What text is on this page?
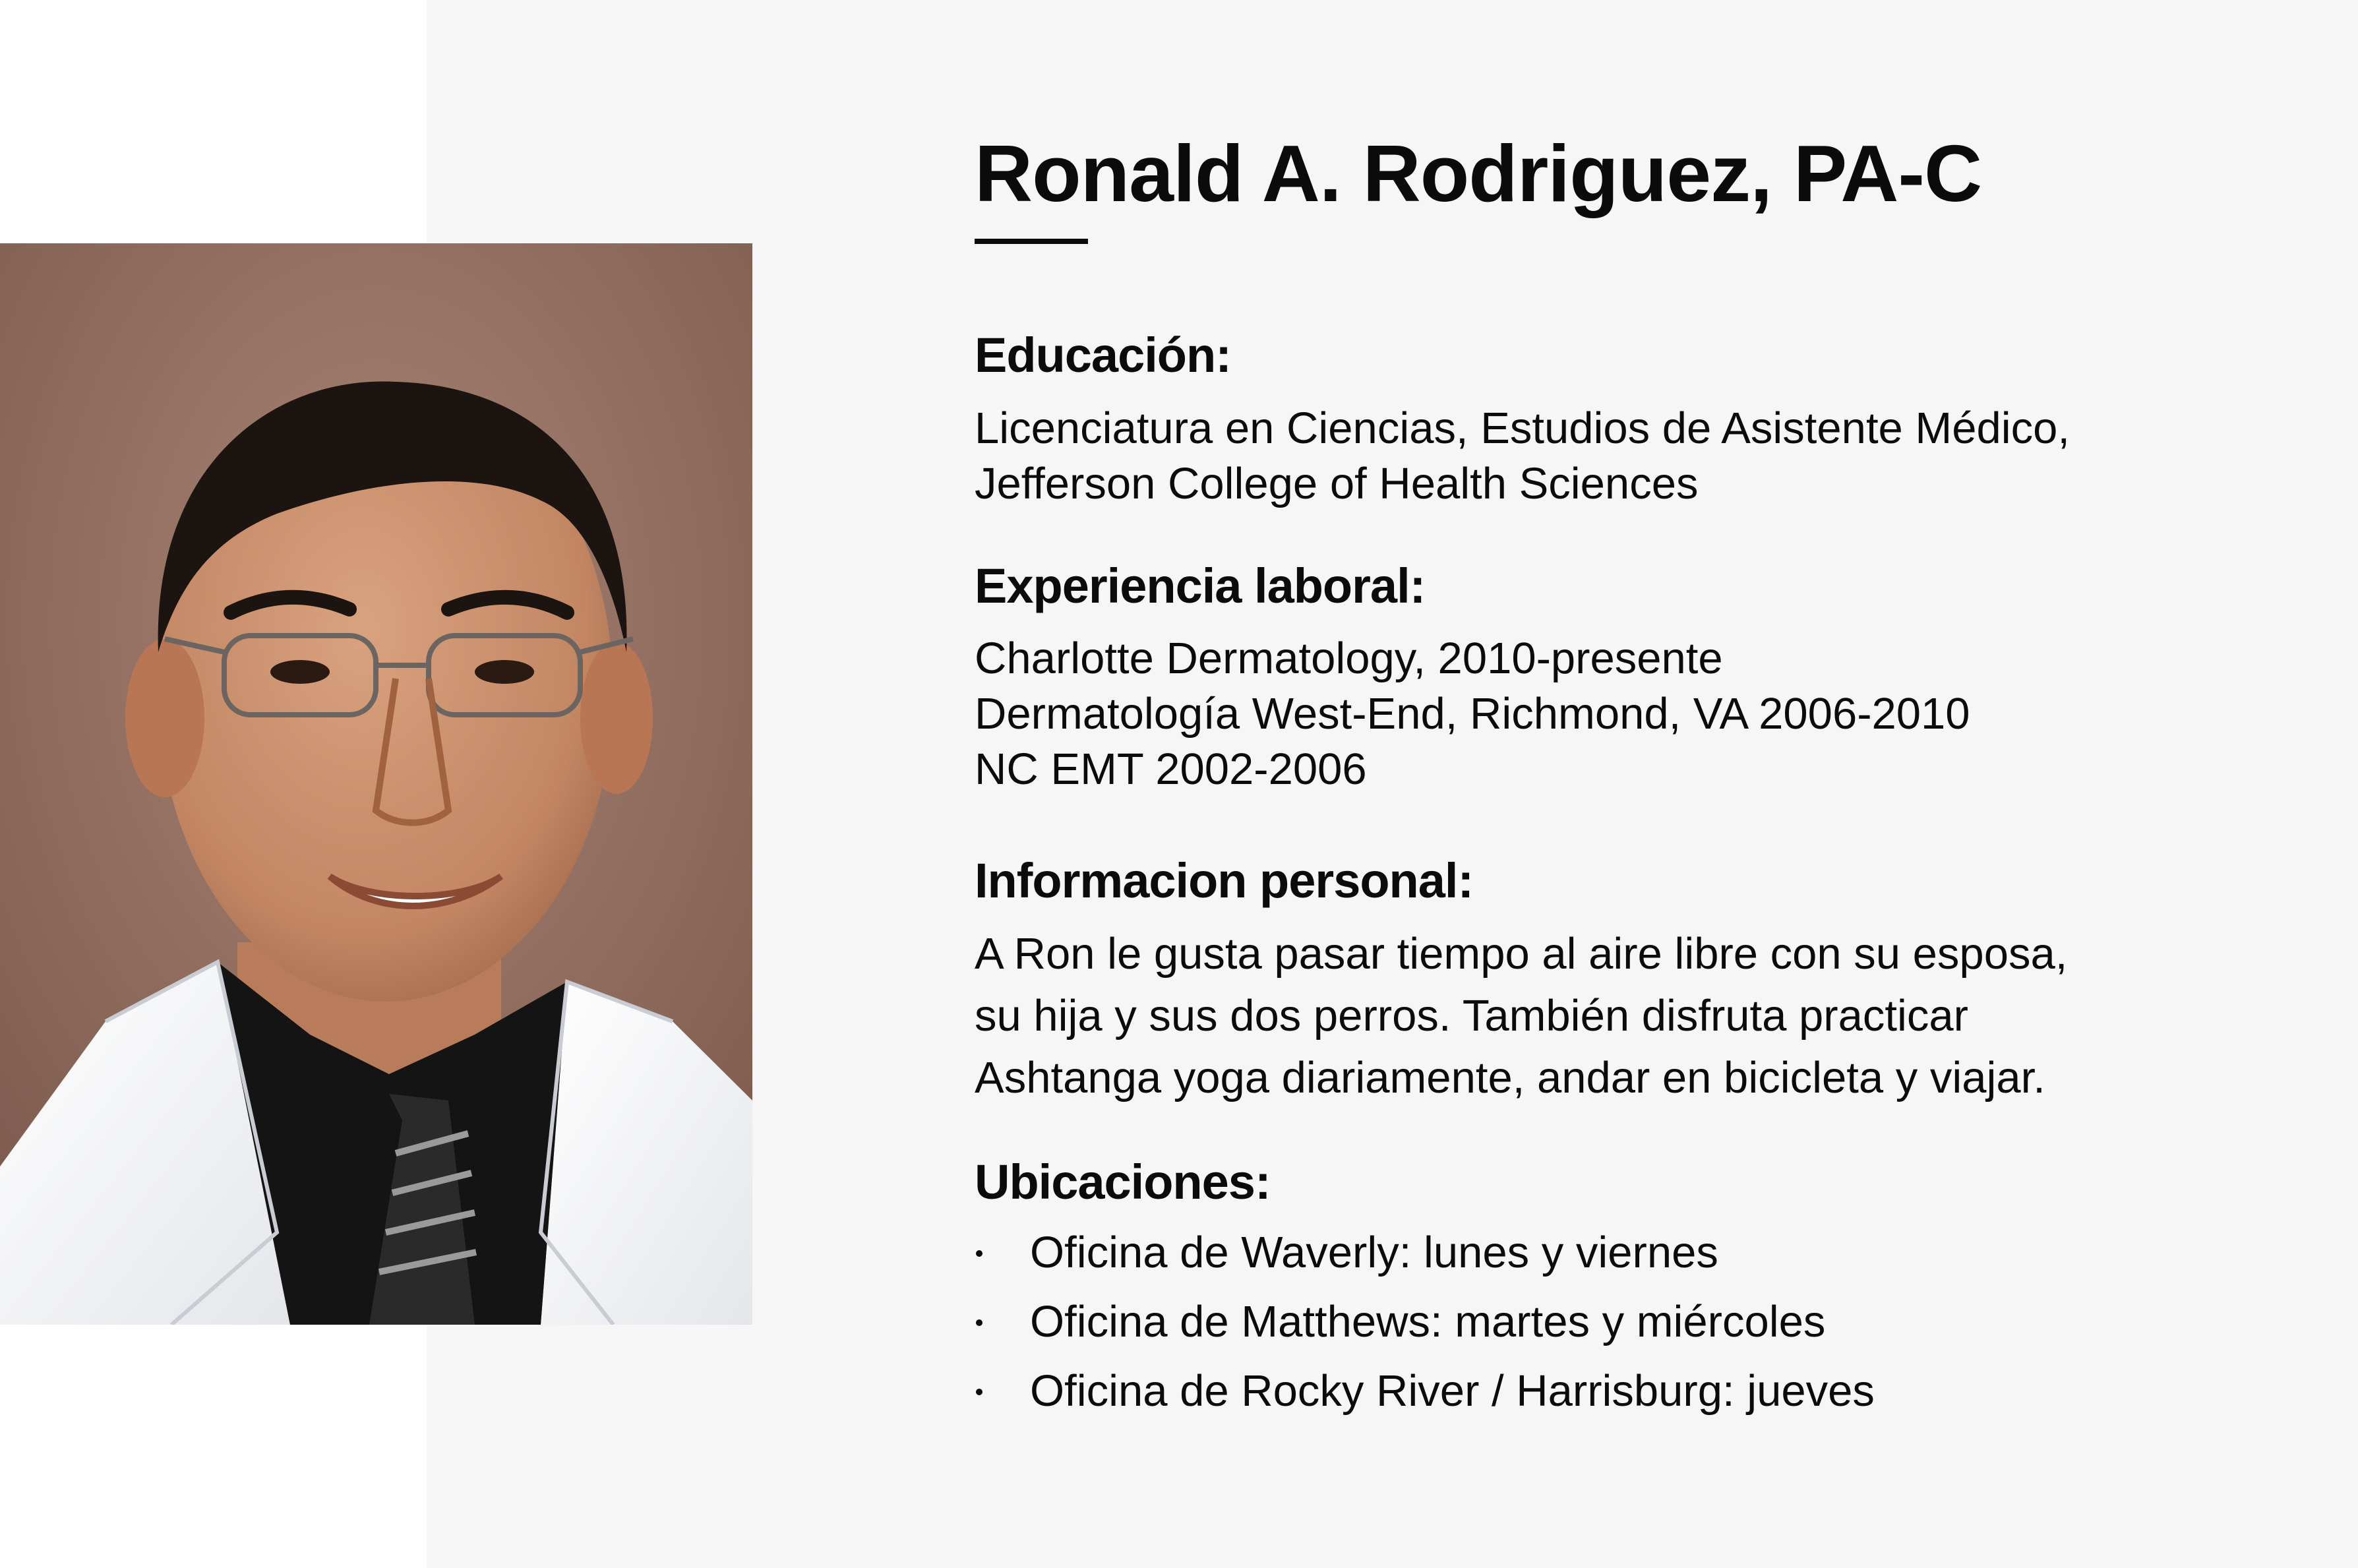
Ronald A. Rodriguez, PA-C
Educación:
Licenciatura en Ciencias, Estudios de Asistente Médico,
Jefferson College of Health Sciences
Experiencia laboral:
Charlotte Dermatology, 2010-presente
Dermatología West-End, Richmond, VA 2006-2010
NC EMT 2002-2006
Informacion personal:
A Ron le gusta pasar tiempo al aire libre con su esposa,
su hija y sus dos perros. También disfruta practicar
Ashtanga yoga diariamente, andar en bicicleta y viajar.
Ubicaciones:
Oficina de Waverly: lunes y viernes
Oficina de Matthews: martes y miércoles
Oficina de Rocky River / Harrisburg: jueves
